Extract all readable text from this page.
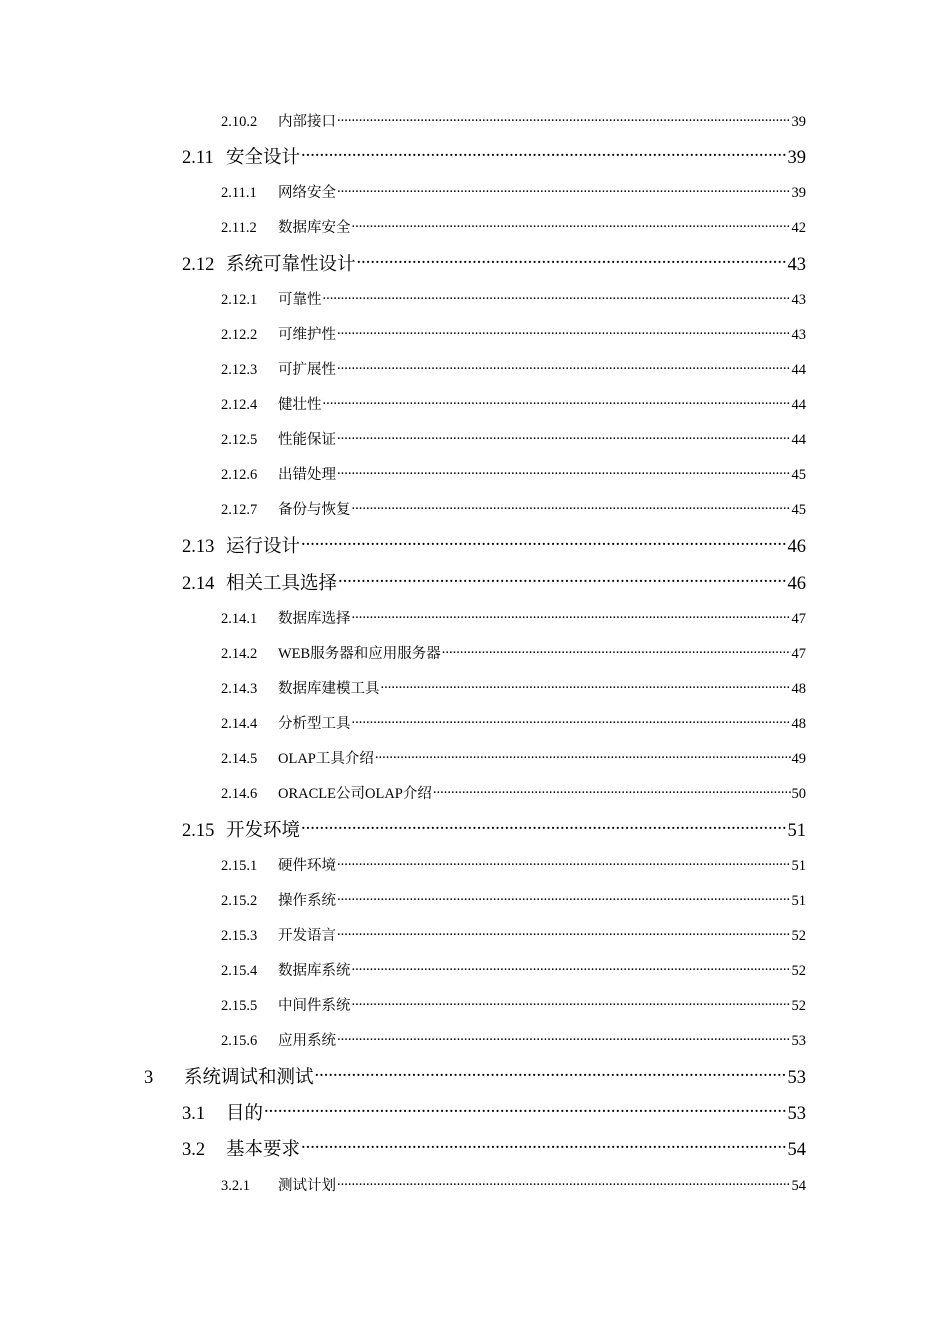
2.10.2	内部接口 .....	39
2.11 安全设计 .....	39
2.11.1	网络安全 .....	39
2.11.2	数据库安全 .....	42
2.12 系统可靠性设计 .....	43
2.12.1	可靠性 .....	43
2.12.2	可维护性 .....	43
2.12.3	可扩展性 .....	44
2.12.4	健壮性 .....	44
2.12.5	性能保证 .....	44
2.12.6	出错处理 .....	45
2.12.7	备份与恢复 .....	45
2.13 运行设计 .....	46
2.14 相关工具选择 .....	46
2.14.1	数据库选择 .....	47
2.14.2	WEB服务器和应用服务器 .....	47
2.14.3	数据库建模工具 .....	48
2.14.4	分析型工具 .....	48
2.14.5	OLAP工具介绍 .....	49
2.14.6	ORACLE公司OLAP介绍 .....	50
2.15 开发环境 .....	51
2.15.1	硬件环境 .....	51
2.15.2	操作系统 .....	51
2.15.3	开发语言 .....	52
2.15.4	数据库系统 .....	52
2.15.5	中间件系统 .....	52
2.15.6	应用系统 .....	53
3	系统调试和测试 .....	53
3.1	目的 .....	53
3.2	基本要求 .....	54
3.2.1	测试计划 .....	54
